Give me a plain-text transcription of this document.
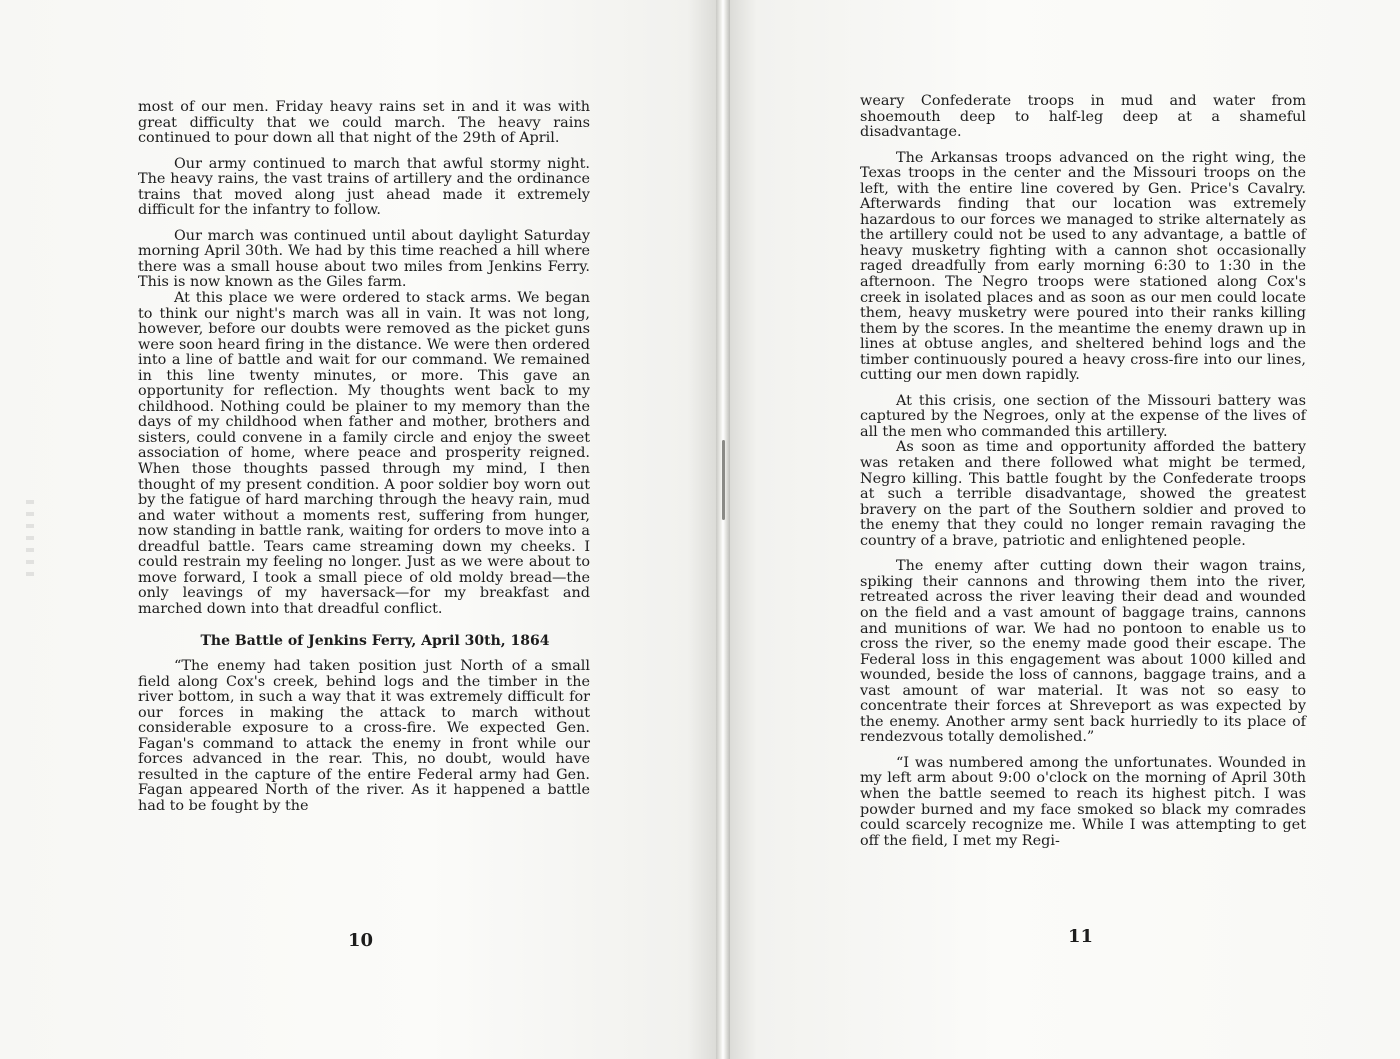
most of our men. Friday heavy rains set in and it was with great difficulty that we could march. The heavy rains continued to pour down all that night of the 29th of April.

Our army continued to march that awful stormy night. The heavy rains, the vast trains of artillery and the ordinance trains that moved along just ahead made it extremely difficult for the infantry to follow.

Our march was continued until about daylight Saturday morning April 30th. We had by this time reached a hill where there was a small house about two miles from Jenkins Ferry. This is now known as the Giles farm.

At this place we were ordered to stack arms. We began to think our night's march was all in vain. It was not long, however, before our doubts were removed as the picket guns were soon heard firing in the distance. We were then ordered into a line of battle and wait for our command. We remained in this line twenty minutes, or more. This gave an opportunity for reflection. My thoughts went back to my childhood. Nothing could be plainer to my memory than the days of my childhood when father and mother, brothers and sisters, could convene in a family circle and enjoy the sweet association of home, where peace and prosperity reigned. When those thoughts passed through my mind, I then thought of my present condition. A poor soldier boy worn out by the fatigue of hard marching through the heavy rain, mud and water without a moments rest, suffering from hunger, now standing in battle rank, waiting for orders to move into a dreadful battle. Tears came streaming down my cheeks. I could restrain my feeling no longer. Just as we were about to move forward, I took a small piece of old moldy bread—the only leavings of my haversack—for my breakfast and marched down into that dreadful conflict.

The Battle of Jenkins Ferry, April 30th, 1864

“The enemy had taken position just North of a small field along Cox's creek, behind logs and the timber in the river bottom, in such a way that it was extremely difficult for our forces in making the attack to march without considerable exposure to a cross-fire. We expected Gen. Fagan's command to attack the enemy in front while our forces advanced in the rear. This, no doubt, would have resulted in the capture of the entire Federal army had Gen. Fagan appeared North of the river. As it happened a battle had to be fought by the

10

weary Confederate troops in mud and water from shoemouth deep to half-leg deep at a shameful disadvantage.

The Arkansas troops advanced on the right wing, the Texas troops in the center and the Missouri troops on the left, with the entire line covered by Gen. Price's Cavalry. Afterwards finding that our location was extremely hazardous to our forces we managed to strike alternately as the artillery could not be used to any advantage, a battle of heavy musketry fighting with a cannon shot occasionally raged dreadfully from early morning 6:30 to 1:30 in the afternoon. The Negro troops were stationed along Cox's creek in isolated places and as soon as our men could locate them, heavy musketry were poured into their ranks killing them by the scores. In the meantime the enemy drawn up in lines at obtuse angles, and sheltered behind logs and the timber continuously poured a heavy cross-fire into our lines, cutting our men down rapidly.

At this crisis, one section of the Missouri battery was captured by the Negroes, only at the expense of the lives of all the men who commanded this artillery.

As soon as time and opportunity afforded the battery was retaken and there followed what might be termed, Negro killing. This battle fought by the Confederate troops at such a terrible disadvantage, showed the greatest bravery on the part of the Southern soldier and proved to the enemy that they could no longer remain ravaging the country of a brave, patriotic and enlightened people.

The enemy after cutting down their wagon trains, spiking their cannons and throwing them into the river, retreated across the river leaving their dead and wounded on the field and a vast amount of baggage trains, cannons and munitions of war. We had no pontoon to enable us to cross the river, so the enemy made good their escape. The Federal loss in this engagement was about 1000 killed and wounded, beside the loss of cannons, baggage trains, and a vast amount of war material. It was not so easy to concentrate their forces at Shreveport as was expected by the enemy. Another army sent back hurriedly to its place of rendezvous totally demolished.”

“I was numbered among the unfortunates. Wounded in my left arm about 9:00 o'clock on the morning of April 30th when the battle seemed to reach its highest pitch. I was powder burned and my face smoked so black my comrades could scarcely recognize me. While I was attempting to get off the field, I met my Regi-

11
